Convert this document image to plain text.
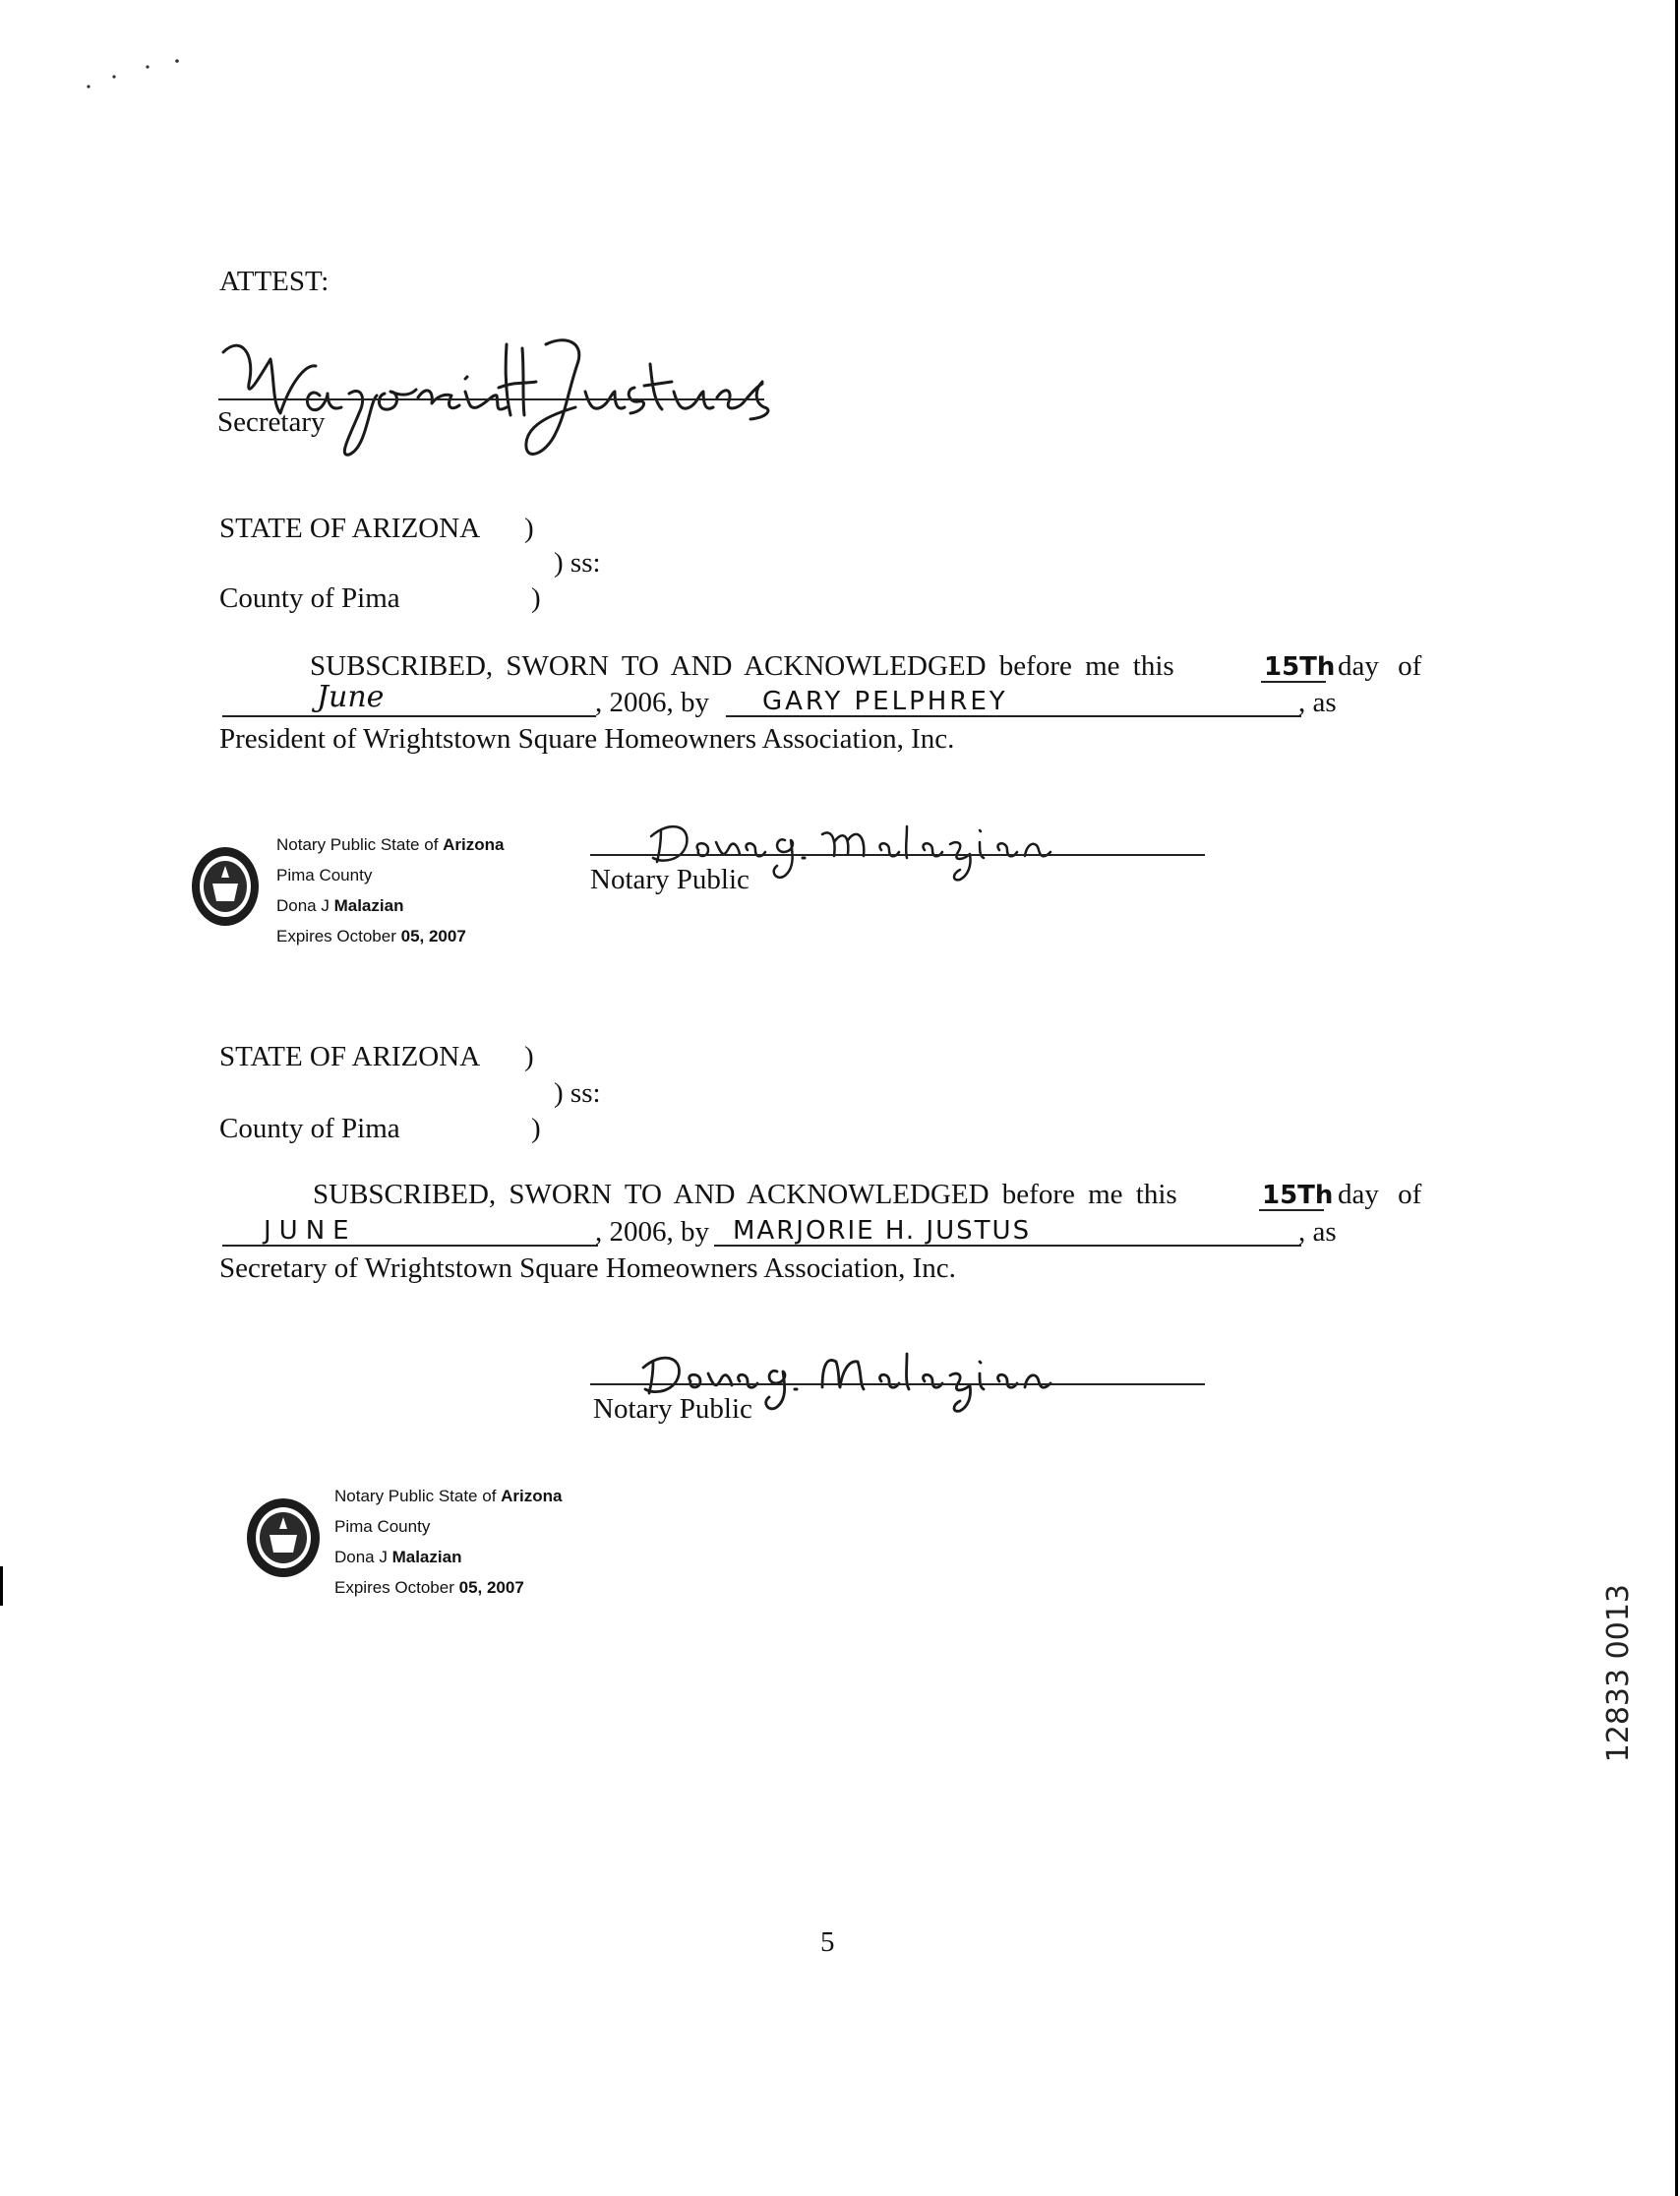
ATTEST:
Secretary
STATE OF ARIZONA )
) ss:
County of Pima	)
SUBSCRIBED, SWORN TO AND ACKNOWLEDGED before me this	15Th day of
June	, 2006, by GARY PELPHREY	, as
President of Wrightstown Square Homeowners Association, Inc.
Notary Public State of Arizona
Pima County
Dona J Malazian
Expires October 05, 2007
Notary Public
STATE OF ARIZONA )
) ss:
County of Pima	)
SUBSCRIBED, SWORN TO AND ACKNOWLEDGED before me this	15Th day of
JUNE	, 2006, by MARJORIE H. JUSTUS	, as
Secretary of Wrightstown Square Homeowners Association, Inc.
Notary Public
Notary Public State of Arizona
Pima County
Dona J Malazian
Expires October 05, 2007	12833 0013
5
